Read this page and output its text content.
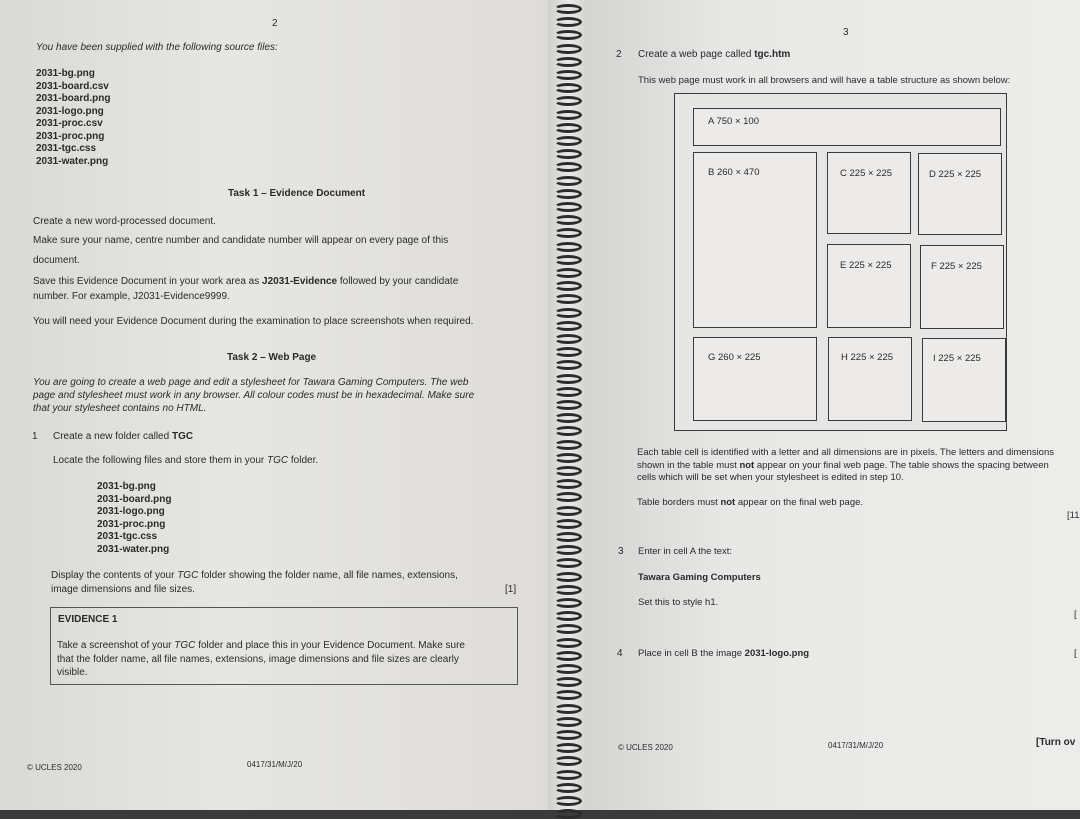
2
You have been supplied with the following source files:
2031-bg.png
2031-board.csv
2031-board.png
2031-logo.png
2031-proc.csv
2031-proc.png
2031-tgc.css
2031-water.png
Task 1 – Evidence Document
Create a new word-processed document.
Make sure your name, centre number and candidate number will appear on every page of this
document.
Save this Evidence Document in your work area as J2031-Evidence followed by your candidate
number. For example, J2031-Evidence9999.
You will need your Evidence Document during the examination to place screenshots when required.
Task 2 – Web Page
You are going to create a web page and edit a stylesheet for Tawara Gaming Computers. The web
page and stylesheet must work in any browser. All colour codes must be in hexadecimal. Make sure
that your stylesheet contains no HTML.
1 Create a new folder called TGC
Locate the following files and store them in your TGC folder.
2031-bg.png
2031-board.png
2031-logo.png
2031-proc.png
2031-tgc.css
2031-water.png
Display the contents of your TGC folder showing the folder name, all file names, extensions,
image dimensions and file sizes.	[1]
EVIDENCE 1
Take a screenshot of your TGC folder and place this in your Evidence Document. Make sure
that the folder name, all file names, extensions, image dimensions and file sizes are clearly
visible.
© UCLES 2020	0417/31/M/J/20
3
2 Create a web page called tgc.htm
This web page must work in all browsers and will have a table structure as shown below:
A 750 × 100
B 260 × 470	C 225 × 225	D 225 × 225
E 225 × 225	F 225 × 225
G 260 × 225	H 225 × 225	I 225 × 225
Each table cell is identified with a letter and all dimensions are in pixels. The letters and dimensions
shown in the table must not appear on your final web page. The table shows the spacing between
cells which will be set when your stylesheet is edited in step 10.
Table borders must not appear on the final web page.
[11
3 Enter in cell A the text:
Tawara Gaming Computers
Set this to style h1.
[
4 Place in cell B the image 2031-logo.png	[
© UCLES 2020	0417/31/M/J/20	[Turn ov
